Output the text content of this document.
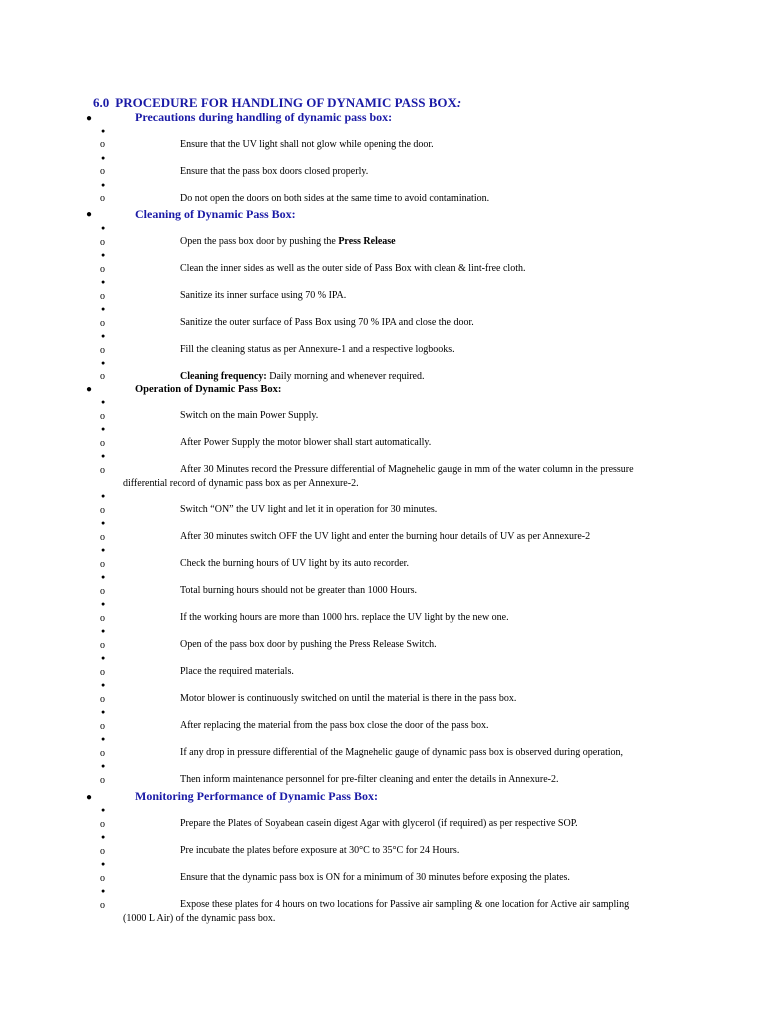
6.0 PROCEDURE FOR HANDLING OF DYNAMIC PASS BOX:
●	Precautions during handling of dynamic pass box:
●
o	Ensure that the UV light shall not glow while opening the door.
●
o	Ensure that the pass box doors closed properly.
●
o	Do not open the doors on both sides at the same time to avoid contamination.
●	Cleaning of Dynamic Pass Box:
●
o	Open the pass box door by pushing the Press Release
●
o	Clean the inner sides as well as the outer side of Pass Box with clean & lint-free cloth.
●
o	Sanitize its inner surface using 70 % IPA.
●
o	Sanitize the outer surface of Pass Box using 70 % IPA and close the door.
●
o	Fill the cleaning status as per Annexure-1 and a respective logbooks.
●
o	Cleaning frequency: Daily morning and whenever required.
●	Operation of Dynamic Pass Box:
●
o	Switch on the main Power Supply.
●
o	After Power Supply the motor blower shall start automatically.
●
o	After 30 Minutes record the Pressure differential of Magnehelic gauge in mm of the water column in the pressure
differential record of dynamic pass box as per Annexure-2.
●
o	Switch “ON” the UV light and let it in operation for 30 minutes.
●
o	After 30 minutes switch OFF the UV light and enter the burning hour details of UV as per Annexure-2
●
o	Check the burning hours of UV light by its auto recorder.
●
o	Total burning hours should not be greater than 1000 Hours.
●
o	If the working hours are more than 1000 hrs. replace the UV light by the new one.
●
o	Open of the pass box door by pushing the Press Release Switch.
●
o	Place the required materials.
●
o	Motor blower is continuously switched on until the material is there in the pass box.
●
o	After replacing the material from the pass box close the door of the pass box.
●
o	If any drop in pressure differential of the Magnehelic gauge of dynamic pass box is observed during operation,
●
o	Then inform maintenance personnel for pre-filter cleaning and enter the details in Annexure-2.
●	Monitoring Performance of Dynamic Pass Box:
●
o	Prepare the Plates of Soyabean casein digest Agar with glycerol (if required) as per respective SOP.
●
o	Pre incubate the plates before exposure at 30°C to 35°C for 24 Hours.
●
o	Ensure that the dynamic pass box is ON for a minimum of 30 minutes before exposing the plates.
●
o	Expose these plates for 4 hours on two locations for Passive air sampling & one location for Active air sampling
(1000 L Air) of the dynamic pass box.
